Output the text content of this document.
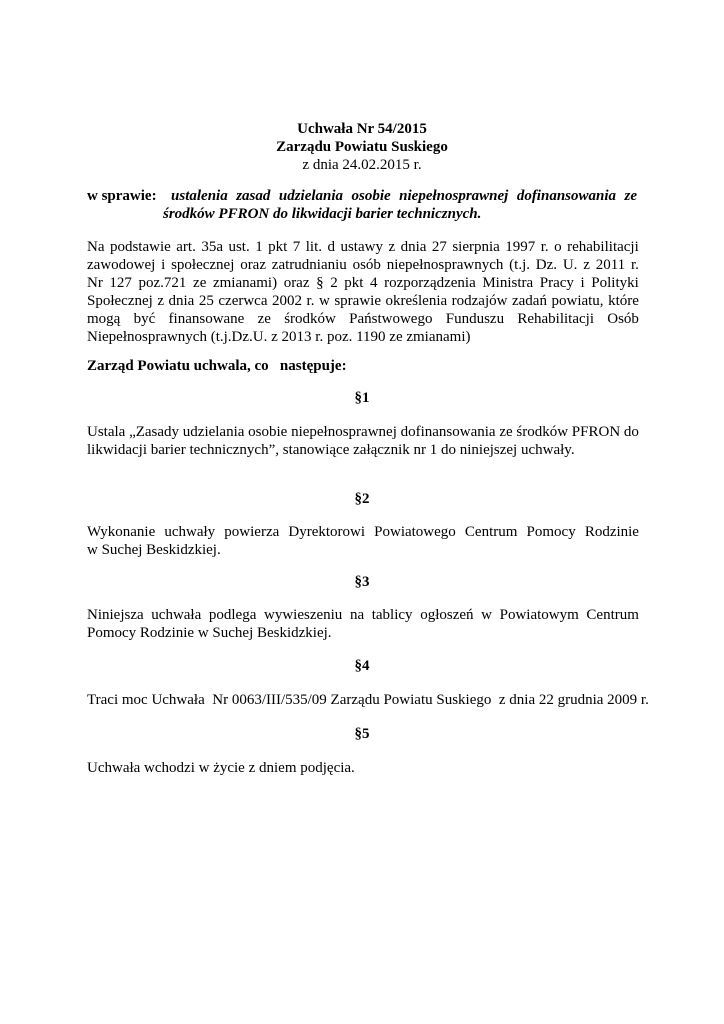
Uchwała Nr 54/2015
Zarządu Powiatu Suskiego
z dnia 24.02.2015 r.
w sprawie: ustalenia zasad udzielania osobie niepełnosprawnej dofinansowania ze
środków PFRON do likwidacji barier technicznych.
Na podstawie art. 35a ust. 1 pkt 7 lit. d ustawy z dnia 27 sierpnia 1997 r. o rehabilitacji
zawodowej i społecznej oraz zatrudnianiu osób niepełnosprawnych (t.j. Dz. U. z 2011 r.
Nr 127 poz.721 ze zmianami) oraz § 2 pkt 4 rozporządzenia Ministra Pracy i Polityki
Społecznej z dnia 25 czerwca 2002 r. w sprawie określenia rodzajów zadań powiatu, które
mogą być finansowane ze środków Państwowego Funduszu Rehabilitacji Osób
Niepełnosprawnych (t.j.Dz.U. z 2013 r. poz. 1190 ze zmianami)
Zarząd Powiatu uchwala, co   następuje:
§1
Ustala „Zasady udzielania osobie niepełnosprawnej dofinansowania ze środków PFRON do
likwidacji barier technicznych”, stanowiące załącznik nr 1 do niniejszej uchwały.
§2
Wykonanie uchwały powierza Dyrektorowi Powiatowego Centrum Pomocy Rodzinie
w Suchej Beskidzkiej.
§3
Niniejsza uchwała podlega wywieszeniu na tablicy ogłoszeń w Powiatowym Centrum
Pomocy Rodzinie w Suchej Beskidzkiej.
§4
Traci moc Uchwała  Nr 0063/III/535/09 Zarządu Powiatu Suskiego  z dnia 22 grudnia 2009 r.
§5
Uchwała wchodzi w życie z dniem podjęcia.
